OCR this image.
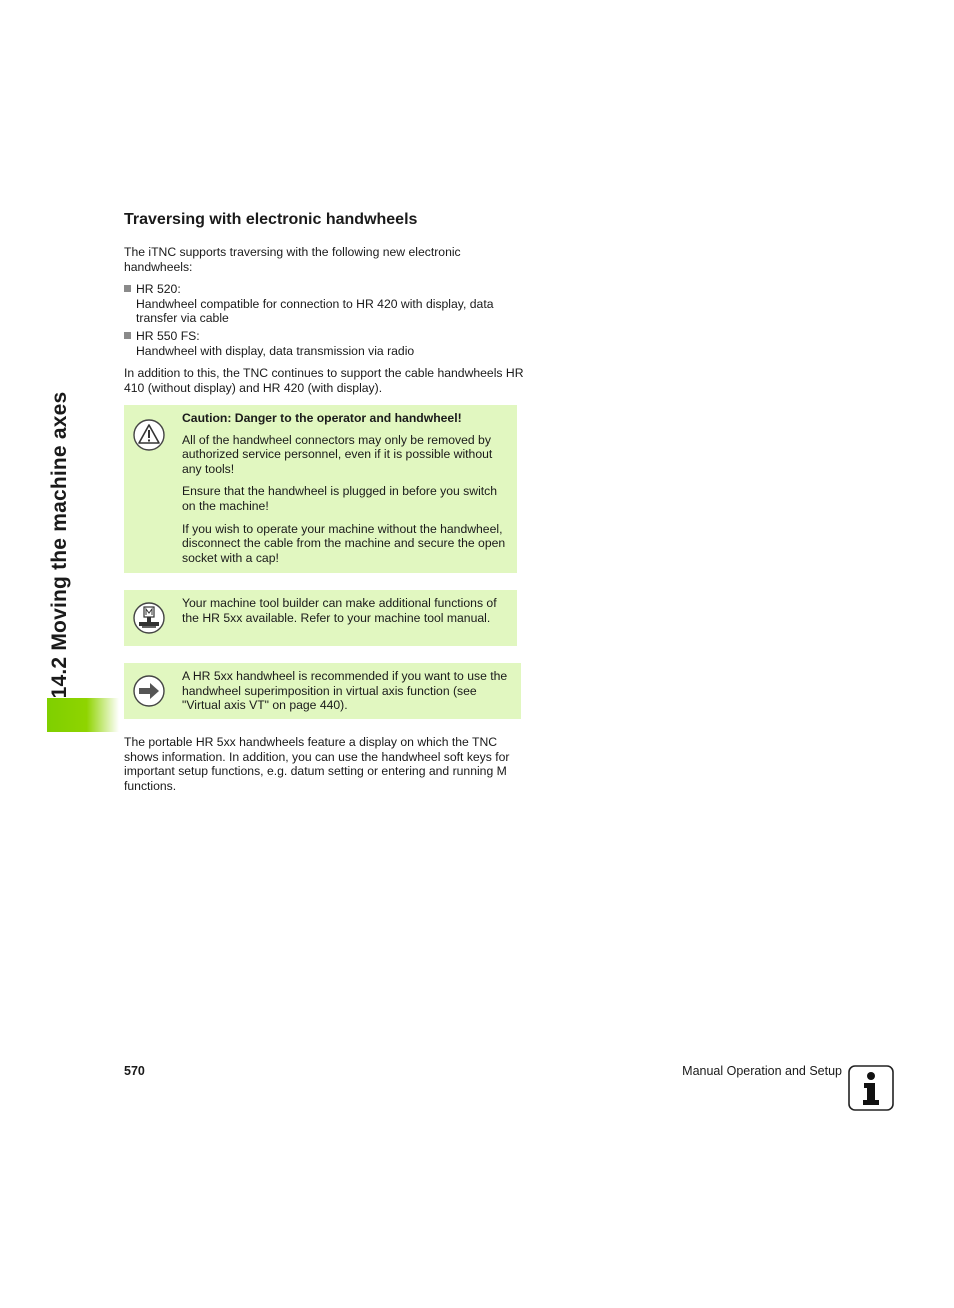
14.2 Moving the machine axes
Traversing with electronic handwheels

The iTNC supports traversing with the following new electronic handwheels:

HR 520:
Handwheel compatible for connection to HR 420 with display, data transfer via cable
HR 550 FS:
Handwheel with display, data transmission via radio

In addition to this, the TNC continues to support the cable handwheels HR 410 (without display) and HR 420 (with display).

Caution: Danger to the operator and handwheel!

All of the handwheel connectors may only be removed by authorized service personnel, even if it is possible without any tools!

Ensure that the handwheel is plugged in before you switch on the machine!

If you wish to operate your machine without the handwheel, disconnect the cable from the machine and secure the open socket with a cap!

Your machine tool builder can make additional functions of the HR 5xx available. Refer to your machine tool manual.
A HR 5xx handwheel is recommended if you want to use the handwheel superimposition in virtual axis function (see "Virtual axis VT" on page 440).

The portable HR 5xx handwheels feature a display on which the TNC shows information. In addition, you can use the handwheel soft keys for important setup functions, e.g. datum setting or entering and running M functions.

570	Manual Operation and Setup
